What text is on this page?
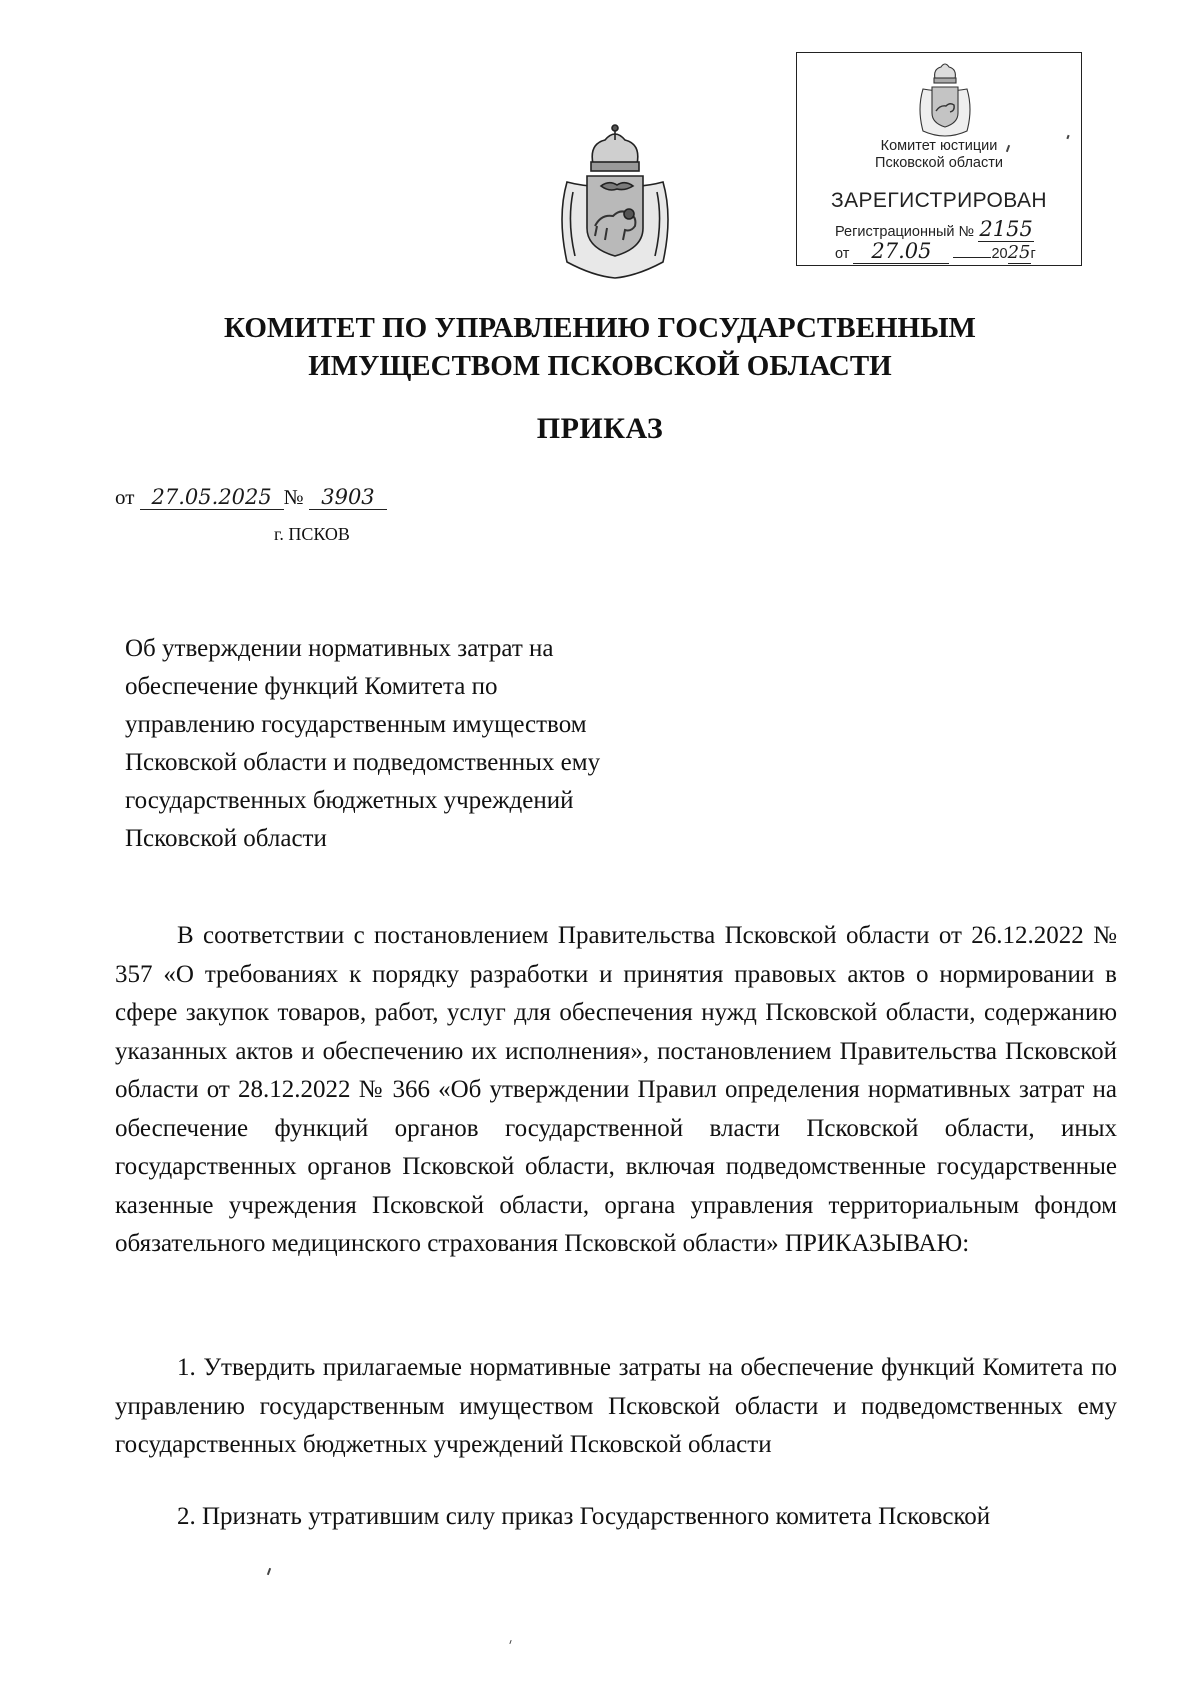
Комитет юстиции
Псковской области
ЗАРЕГИСТРИРОВАН
Регистрационный № 2155
от 27.05	2025г
КОМИТЕТ ПО УПРАВЛЕНИЮ ГОСУДАРСТВЕННЫМ
ИМУЩЕСТВОМ ПСКОВСКОЙ ОБЛАСТИ
ПРИКАЗ
от 27.05.2025 № 3903
г. ПСКОВ
Об утверждении нормативных затрат на
обеспечение функций Комитета по
управлению государственным имуществом
Псковской области и подведомственных ему
государственных бюджетных учреждений
Псковской области
В соответствии с постановлением Правительства Псковской области от 26.12.2022 № 357 «О требованиях к порядку разработки и принятия правовых актов о нормировании в сфере закупок товаров, работ, услуг для обеспечения нужд Псковской области, содержанию указанных актов и обеспечению их исполнения», постановлением Правительства Псковской области от 28.12.2022 № 366 «Об утверждении Правил определения нормативных затрат на обеспечение функций органов государственной власти Псковской области, иных государственных органов Псковской области, включая подведомственные государственные казенные учреждения Псковской области, органа управления территориальным фондом обязательного медицинского страхования Псковской области» ПРИКАЗЫВАЮ:
1. Утвердить прилагаемые нормативные затраты на обеспечение функций Комитета по управлению государственным имуществом Псковской области и подведомственных ему государственных бюджетных учреждений Псковской области
2. Признать утратившим силу приказ Государственного комитета Псковской
